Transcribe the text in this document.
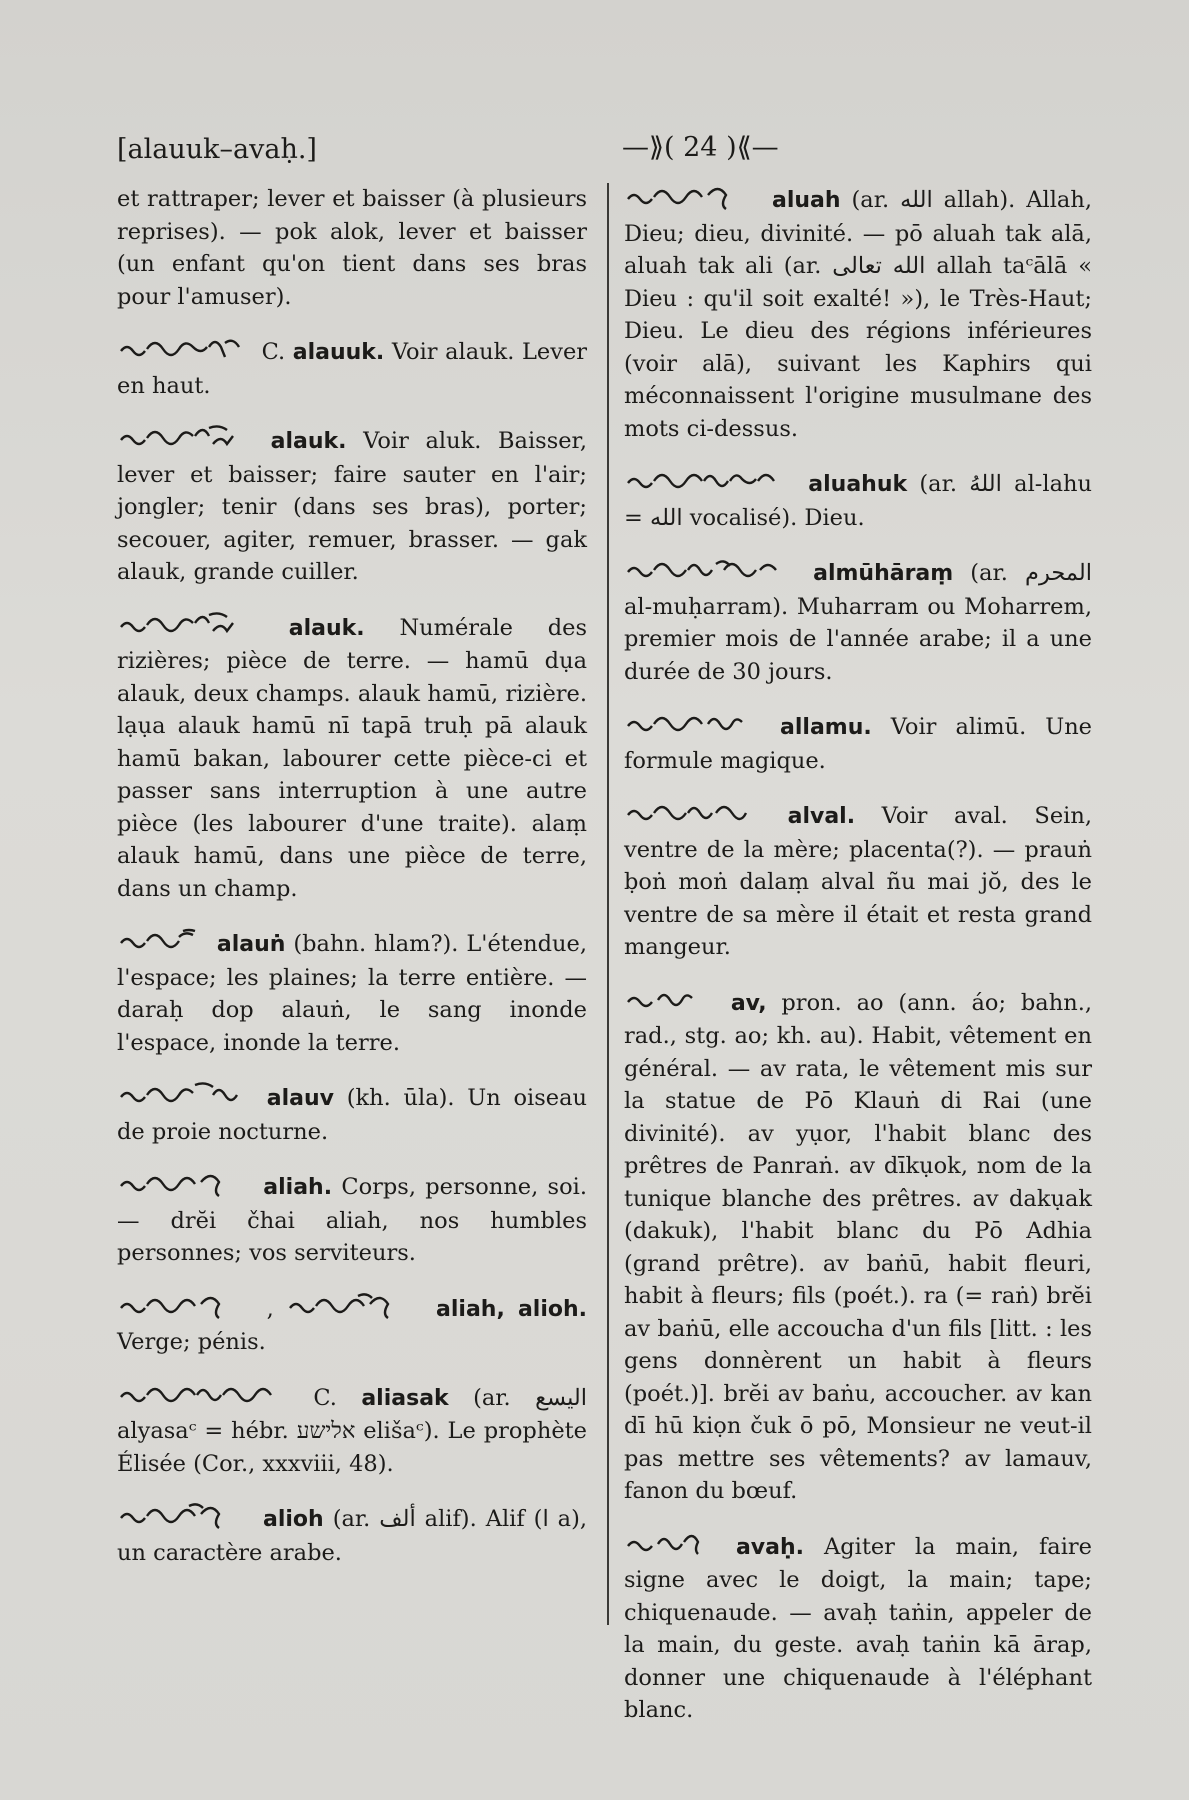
[alauuk–avaḥ.]	—⟫( 24 )⟪—
et rattraper; lever et baisser (à plusieurs reprises). — pok alok, lever et baisser (un enfant qu'on tient dans ses bras pour l'amuser).
C. alauuk. Voir alauk. Lever en haut.
alauk. Voir aluk. Baisser, lever et baisser; faire sauter en l'air; jongler; tenir (dans ses bras), porter; secouer, agiter, remuer, brasser. — gak alauk, grande cuiller.
alauk. Numérale des rizières; pièce de terre. — hamū dụa alauk, deux champs. alauk hamū, rizière. lạụa alauk hamū nī tapā truḥ pā alauk hamū bakan, labourer cette pièce-ci et passer sans interruption à une autre pièce (les labourer d'une traite). alaṃ alauk hamū, dans une pièce de terre, dans un champ.
alauṅ (bahn. hlam?). L'étendue, l'espace; les plaines; la terre entière. — daraḥ dop alauṅ, le sang inonde l'espace, inonde la terre.
alauv (kh. ūla). Un oiseau de proie nocturne.
aliah. Corps, personne, soi. — drĕi čhai aliah, nos humbles personnes; vos serviteurs.
,	aliah, alioh. Verge; pénis.
C. aliasak (ar. اليسع alyasaᶜ = hébr. אלישע elišaᶜ). Le prophète Élisée (Cor., xxxviii, 48).
alioh (ar. ألف alif). Alif (ا a), un caractère arabe.
aluah (ar. الله allah). Allah, Dieu; dieu, divinité. — pō aluah tak alā, aluah tak ali (ar. الله تعالى allah taᶜālā « Dieu : qu'il soit exalté! »), le Très-Haut; Dieu. Le dieu des régions inférieures (voir alā), suivant les Kaphirs qui méconnaissent l'origine musulmane des mots ci-dessus.
aluahuk (ar. اللهُ al-lahu = الله vocalisé). Dieu.
almūhāraṃ (ar. المحرم al-muḥarram). Muharram ou Moharrem, premier mois de l'année arabe; il a une durée de 30 jours.
allamu. Voir alimū. Une formule magique.
alval. Voir aval. Sein, ventre de la mère; placenta(?). — prauṅ ḅoṅ moṅ dalaṃ alval ñu mai jŏ, des le ventre de sa mère il était et resta grand mangeur.
av, pron. ao (ann. áo; bahn., rad., stg. ao; kh. au). Habit, vêtement en général. — av rata, le vêtement mis sur la statue de Pō Klauṅ di Rai (une divinité). av yụor, l'habit blanc des prêtres de Panraṅ. av dīkụok, nom de la tunique blanche des prêtres. av dakụak (dakuk), l'habit blanc du Pō Adhia (grand prêtre). av baṅū, habit fleuri, habit à fleurs; fils (poét.). ra (= raṅ) brĕi av baṅū, elle accoucha d'un fils [litt. : les gens donnèrent un habit à fleurs (poét.)]. brĕi av baṅu, accoucher. av kan dī hū kiọn čuk ō pō, Monsieur ne veut-il pas mettre ses vêtements? av lamauv, fanon du bœuf.
avaḥ. Agiter la main, faire signe avec le doigt, la main; tape; chiquenaude. — avaḥ taṅin, appeler de la main, du geste. avaḥ taṅin kā ārap, donner une chiquenaude à l'éléphant blanc.
